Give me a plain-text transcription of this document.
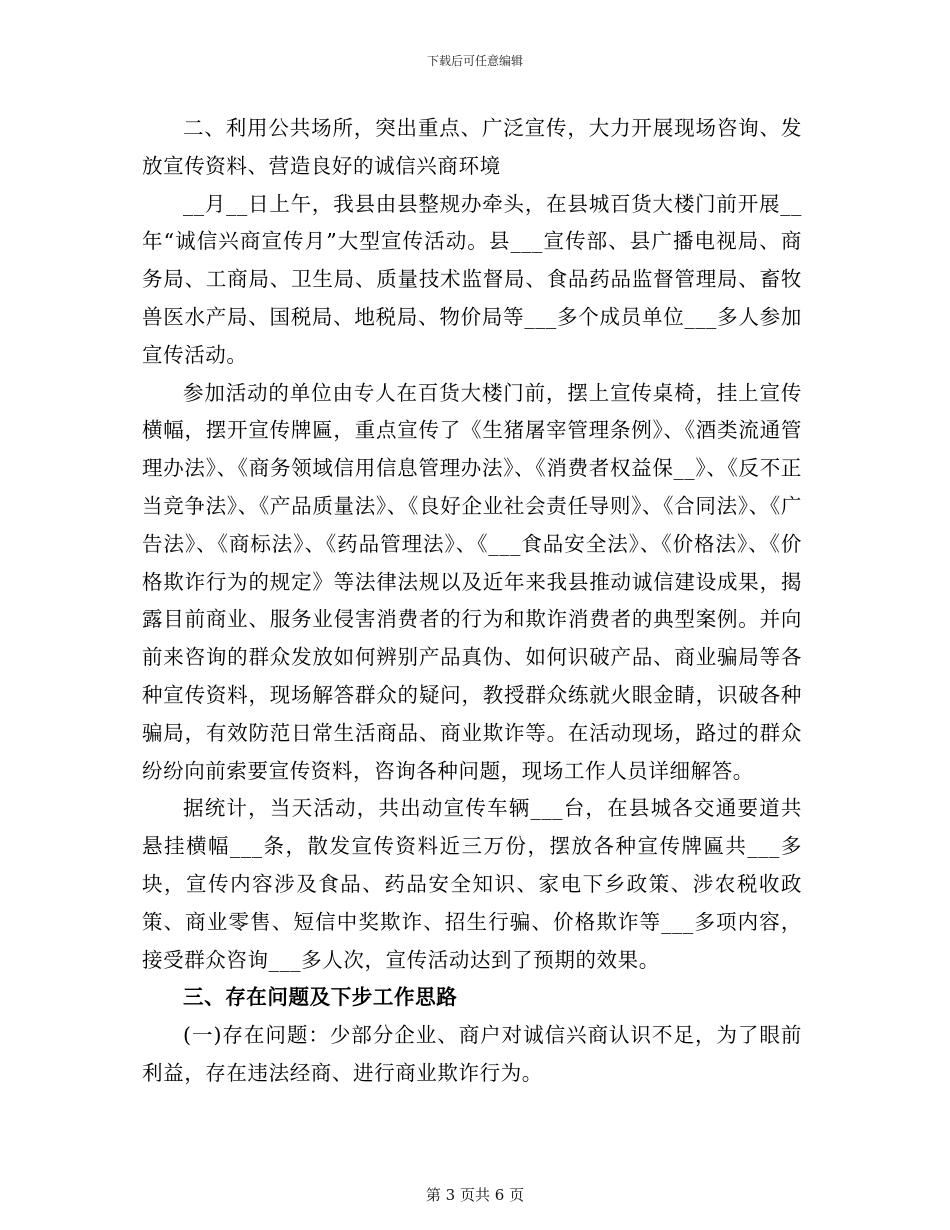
下载后可任意编辑

二、利用公共场所，突出重点、广泛宣传，大力开展现场咨询、发放宣传资料、营造良好的诚信兴商环境

__月__日上午，我县由县整规办牵头，在县城百货大楼门前开展__年“诚信兴商宣传月”大型宣传活动。县___宣传部、县广播电视局、商务局、工商局、卫生局、质量技术监督局、食品药品监督管理局、畜牧兽医水产局、国税局、地税局、物价局等___多个成员单位___多人参加宣传活动。

参加活动的单位由专人在百货大楼门前，摆上宣传桌椅，挂上宣传横幅，摆开宣传牌匾，重点宣传了《生猪屠宰管理条例》、《酒类流通管理办法》、《商务领域信用信息管理办法》、《消费者权益保__》、《反不正当竞争法》、《产品质量法》、《良好企业社会责任导则》、《合同法》、《广告法》、《商标法》、《药品管理法》、《___食品安全法》、《价格法》、《价格欺诈行为的规定》等法律法规以及近年来我县推动诚信建设成果，揭露目前商业、服务业侵害消费者的行为和欺诈消费者的典型案例。并向前来咨询的群众发放如何辨别产品真伪、如何识破产品、商业骗局等各种宣传资料，现场解答群众的疑问，教授群众练就火眼金睛，识破各种骗局，有效防范日常生活商品、商业欺诈等。在活动现场，路过的群众纷纷向前索要宣传资料，咨询各种问题，现场工作人员详细解答。

据统计，当天活动，共出动宣传车辆___台，在县城各交通要道共悬挂横幅___条，散发宣传资料近三万份，摆放各种宣传牌匾共___多块，宣传内容涉及食品、药品安全知识、家电下乡政策、涉农税收政策、商业零售、短信中奖欺诈、招生行骗、价格欺诈等___多项内容，接受群众咨询___多人次，宣传活动达到了预期的效果。

三、存在问题及下步工作思路

(一)存在问题：少部分企业、商户对诚信兴商认识不足，为了眼前利益，存在违法经商、进行商业欺诈行为。

第 3 页共 6 页
